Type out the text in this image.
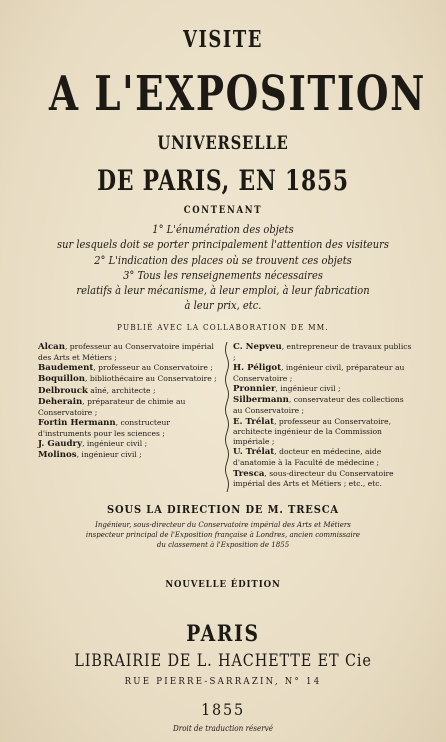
VISITE
A L'EXPOSITION
UNIVERSELLE
DE PARIS, EN 1855
CONTENANT
1° L'énumération des objets
sur lesquels doit se porter principalement l'attention des visiteurs
2° L'indication des places où se trouvent ces objets
3° Tous les renseignements nécessaires
relatifs à leur mécanisme, à leur emploi, à leur fabrication
à leur prix, etc.
PUBLIÉ AVEC LA COLLABORATION DE MM.

Alcan, professeur au Conservatoire impérial des Arts et Métiers ;

Baudement, professeur au Conservatoire ;

Boquillon, bibliothécaire au Conservatoire ;

Delbrouck aîné, architecte ;

Deherain, préparateur de chimie au Conservatoire ;

Fortin Hermann, constructeur d'instruments pour les sciences ;

J. Gaudry, ingénieur civil ;

Molinos, ingénieur civil ;

C. Nepveu, entrepreneur de travaux publics ;

H. Péligot, ingénieur civil, préparateur au Conservatoire ;

Pronnier, ingénieur civil ;

Silbermann, conservateur des collections au Conservatoire ;

E. Trélat, professeur au Conservatoire, architecte ingénieur de la Commission impériale ;

U. Trélat, docteur en médecine, aide d'anatomie à la Faculté de médecine ;

Tresca, sous-directeur du Conservatoire impérial des Arts et Métiers ; etc., etc.

SOUS LA DIRECTION DE M. TRESCA
Ingénieur, sous-directeur du Conservatoire impérial des Arts et Métiers
inspecteur principal de l'Exposition française à Londres, ancien commissaire
du classement à l'Exposition de 1855
NOUVELLE ÉDITION
PARIS
LIBRAIRIE DE L. HACHETTE ET Cie
RUE PIERRE-SARRAZIN, N° 14
1855
Droit de traduction réservé
